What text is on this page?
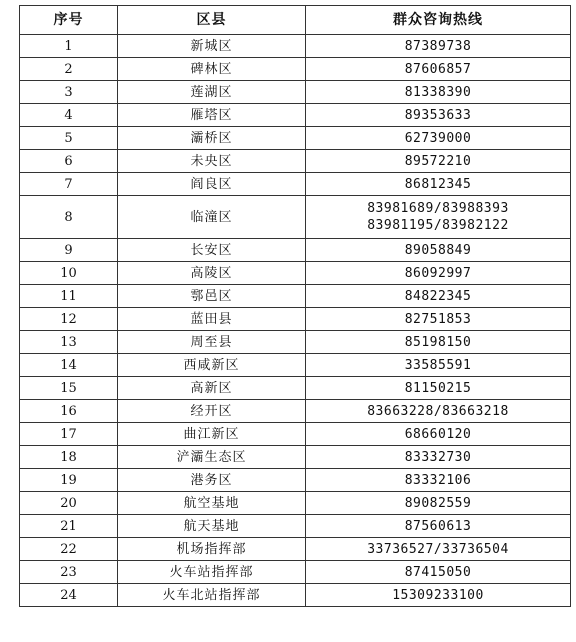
序号	区县	群众咨询热线
1	新城区	87389738

2	碑林区	87606857

3	莲湖区	81338390

4	雁塔区	89353633

5	灞桥区	62739000

6	未央区	89572210

7	阎良区	86812345

8	临潼区	83981689/83988393
83981195/83982122

9	长安区	89058849

10	高陵区	86092997

11	鄠邑区	84822345

12	蓝田县	82751853

13	周至县	85198150

14	西咸新区	33585591

15	高新区	81150215

16	经开区	83663228/83663218

17	曲江新区	68660120

18	浐灞生态区	83332730

19	港务区	83332106

20	航空基地	89082559

21	航天基地	87560613

22	机场指挥部	33736527/33736504

23	火车站指挥部	87415050

24	火车北站指挥部	15309233100
